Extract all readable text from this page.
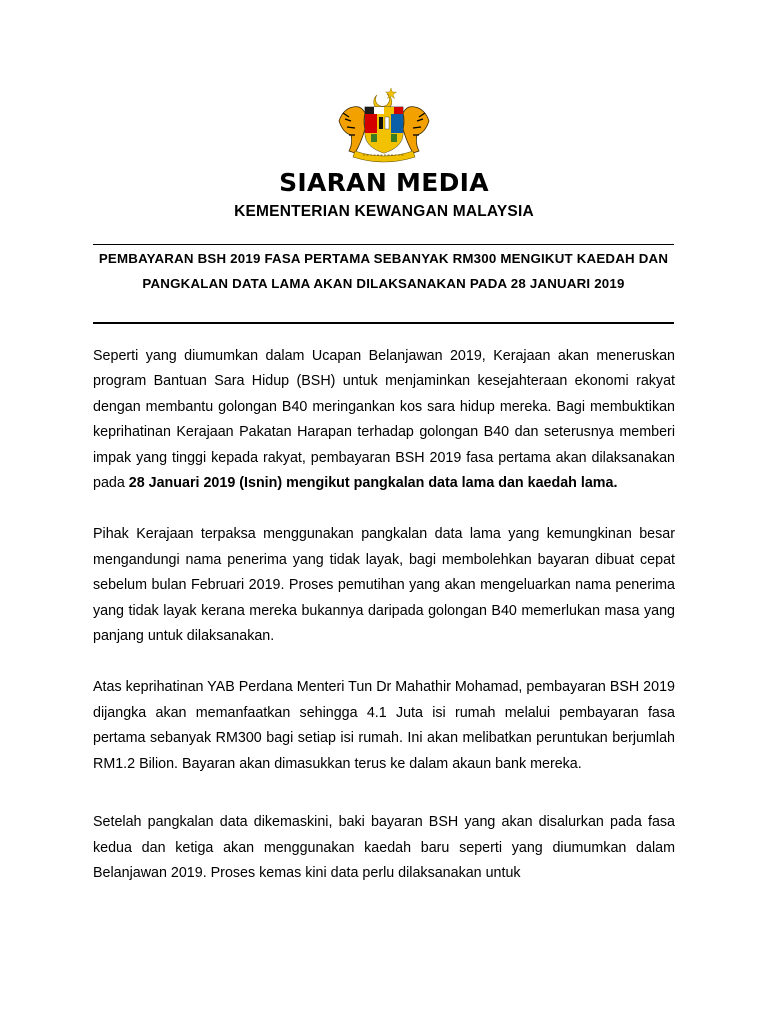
SIARAN MEDIA
KEMENTERIAN KEWANGAN MALAYSIA
PEMBAYARAN BSH 2019 FASA PERTAMA SEBANYAK RM300 MENGIKUT KAEDAH DAN PANGKALAN DATA LAMA AKAN DILAKSANAKAN PADA 28 JANUARI 2019

Seperti yang diumumkan dalam Ucapan Belanjawan 2019, Kerajaan akan meneruskan program Bantuan Sara Hidup (BSH) untuk menjaminkan kesejahteraan ekonomi rakyat dengan membantu golongan B40 meringankan kos sara hidup mereka. Bagi membuktikan keprihatinan Kerajaan Pakatan Harapan terhadap golongan B40 dan seterusnya memberi impak yang tinggi kepada rakyat, pembayaran BSH 2019 fasa pertama akan dilaksanakan pada 28 Januari 2019 (Isnin) mengikut pangkalan data lama dan kaedah lama.

Pihak Kerajaan terpaksa menggunakan pangkalan data lama yang kemungkinan besar mengandungi nama penerima yang tidak layak, bagi membolehkan bayaran dibuat cepat sebelum bulan Februari 2019. Proses pemutihan yang akan mengeluarkan nama penerima yang tidak layak kerana mereka bukannya daripada golongan B40 memerlukan masa yang panjang untuk dilaksanakan.

Atas keprihatinan YAB Perdana Menteri Tun Dr Mahathir Mohamad, pembayaran BSH 2019 dijangka akan memanfaatkan sehingga 4.1 Juta isi rumah melalui pembayaran fasa pertama sebanyak RM300 bagi setiap isi rumah. Ini akan melibatkan peruntukan berjumlah RM1.2 Bilion. Bayaran akan dimasukkan terus ke dalam akaun bank mereka.

Setelah pangkalan data dikemaskini, baki bayaran BSH yang akan disalurkan pada fasa kedua dan ketiga akan menggunakan kaedah baru seperti yang diumumkan dalam Belanjawan 2019. Proses kemas kini data perlu dilaksanakan untuk
